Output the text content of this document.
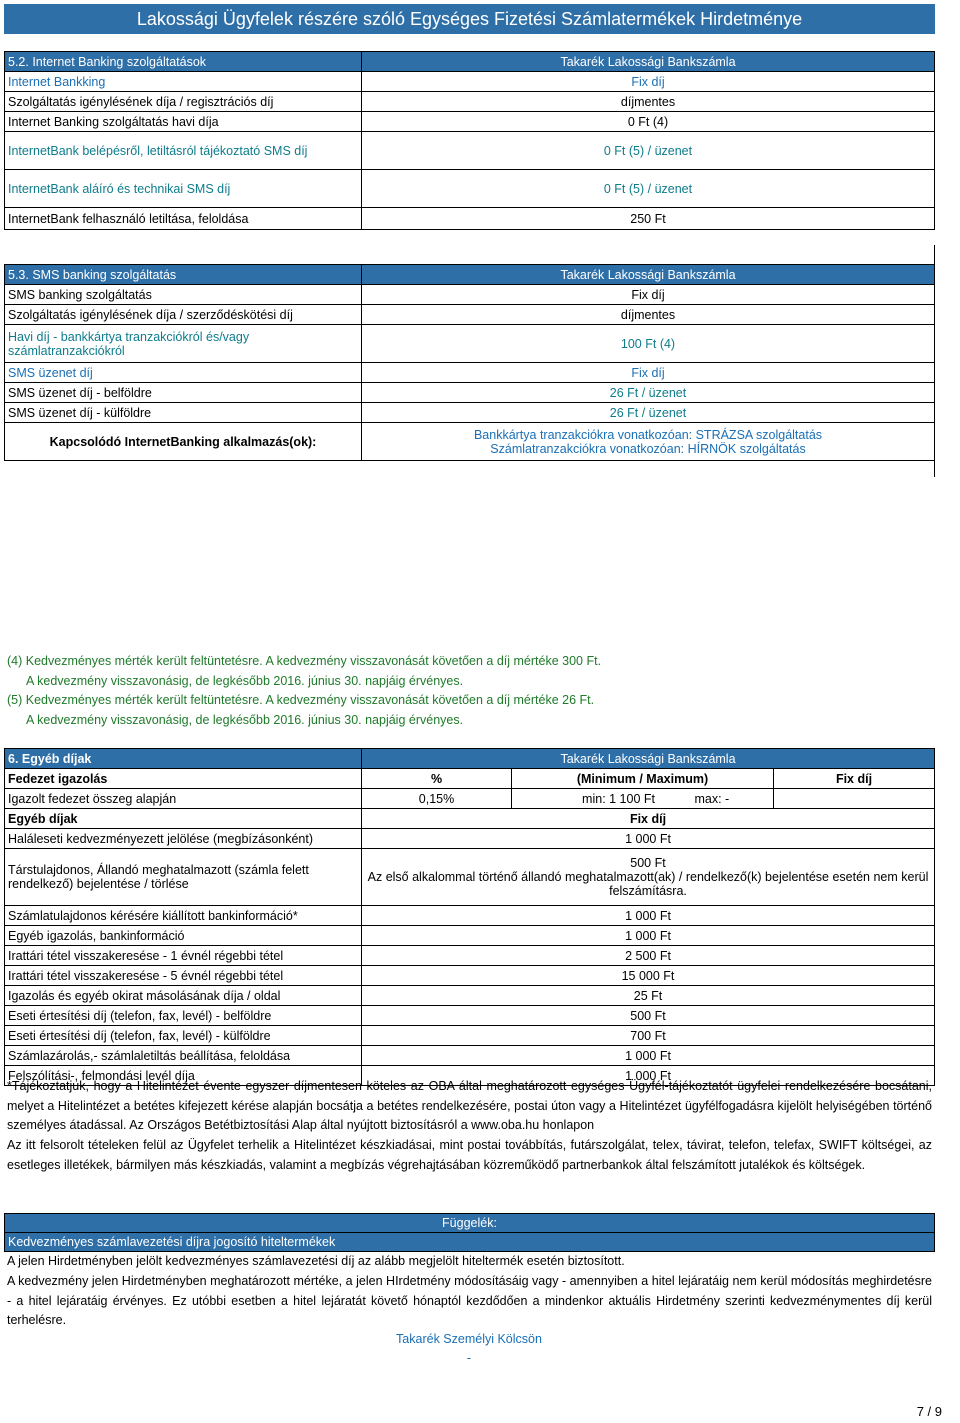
Lakossági Ügyfelek részére szóló Egységes Fizetési Számlatermékek Hirdetménye
5.2. Internet Banking szolgáltatások	Takarék Lakossági Bankszámla
Internet Bankking	Fix díj
Szolgáltatás igénylésének díja / regisztrációs díj	díjmentes
Internet Banking szolgáltatás havi díja	0 Ft (4)
InternetBank belépésről, letiltásról tájékoztató SMS díj	0 Ft (5) / üzenet
InternetBank aláíró és technikai SMS díj	0 Ft (5) / üzenet
InternetBank felhasználó letiltása, feloldása	250 Ft
5.3. SMS banking szolgáltatás	Takarék Lakossági Bankszámla
SMS banking szolgáltatás	Fix díj
Szolgáltatás igénylésének díja / szerződéskötési díj	díjmentes
Havi díj - bankkártya tranzakciókról és/vagy számlatranzakciókról	100 Ft (4)
SMS üzenet díj	Fix díj
SMS üzenet díj - belföldre	26 Ft / üzenet
SMS üzenet díj - külföldre	26 Ft / üzenet
Kapcsolódó InternetBanking alkalmazás(ok):	Bankkártya tranzakciókra vonatkozóan: STRÁZSA szolgáltatás
Számlatranzakciókra vonatkozóan: HÍRNÖK szolgáltatás
(4) Kedvezményes mérték került feltüntetésre. A kedvezmény visszavonását követően a díj mértéke 300 Ft.
A kedvezmény visszavonásig, de legkésőbb 2016. június 30. napjáig érvényes.
(5) Kedvezményes mérték került feltüntetésre. A kedvezmény visszavonását követően a díj mértéke 26 Ft.
A kedvezmény visszavonásig, de legkésőbb 2016. június 30. napjáig érvényes.
6. Egyéb díjak	Takarék Lakossági Bankszámla		
Fedezet igazolás	%	(Minimum / Maximum)	Fix díj
Igazolt fedezet összeg alapján	0,15%	min: 1 100 Ft max: -	
Egyéb díjak	Fix díj		
Haláleseti kedvezményezett jelölése (megbízásonként)	1 000 Ft		
Társtulajdonos, Állandó meghatalmazott (számla felett rendelkező) bejelentése / törlése	500 Ft
Az első alkalommal történő állandó meghatalmazott(ak) / rendelkező(k) bejelentése esetén nem kerül felszámításra.		

Számlatulajdonos kérésére kiállított bankinformáció*	1 000 Ft		
Egyéb igazolás, bankinformáció	1 000 Ft		
Irattári tétel visszakeresése - 1 évnél régebbi tétel	2 500 Ft		
Irattári tétel visszakeresése - 5 évnél régebbi tétel	15 000 Ft		
Igazolás és egyéb okirat másolásának díja / oldal	25 Ft		
Eseti értesítési díj (telefon, fax, levél) - belföldre	500 Ft		
Eseti értesítési díj (telefon, fax, levél) - külföldre	700 Ft		
Számlazárolás,- számlaletiltás beállítása, feloldása	1 000 Ft		
Felszólítási-, felmondási levél díja	1 000 Ft		
*Tájékoztatjuk, hogy a Hitelintézet évente egyszer díjmentesen köteles az OBA által meghatározott egységes Ügyfél-tájékoztatót ügyfelei rendelkezésére bocsátani, melyet a Hitelintézet a betétes kifejezett kérése alapján bocsátja a betétes rendelkezésére, postai úton vagy a Hitelintézet ügyfélfogadásra kijelölt helyiségében történő személyes átadással. Az Országos Betétbiztosítási Alap által nyújtott biztosításról a www.oba.hu honlapon
Az itt felsorolt tételeken felül az Ügyfelet terhelik a Hitelintézet készkiadásai, mint postai továbbítás, futárszolgálat, telex, távirat, telefon, telefax, SWIFT költségei, az esetleges illetékek, bármilyen más készkiadás, valamint a megbízás végrehajtásában közreműködő partnerbankok által felszámított jutalékok és költségek.
Függelék:
Kedvezményes számlavezetési díjra jogosító hiteltermékek
A jelen Hirdetményben jelölt kedvezményes számlavezetési díj az alább megjelölt hiteltermék esetén biztosított.
A kedvezmény jelen Hirdetményben meghatározott mértéke, a jelen HIrdetmény módosításáig vagy - amennyiben a hitel lejáratáig nem kerül módosítás meghirdetésre - a hitel lejáratáig érvényes. Ez utóbbi esetben a hitel lejáratát követő hónaptól kezdődően a mindenkor aktuális Hirdetmény szerinti kedvezménymentes díj kerül terhelésre.
Takarék Személyi Kölcsön
-
7 / 9
